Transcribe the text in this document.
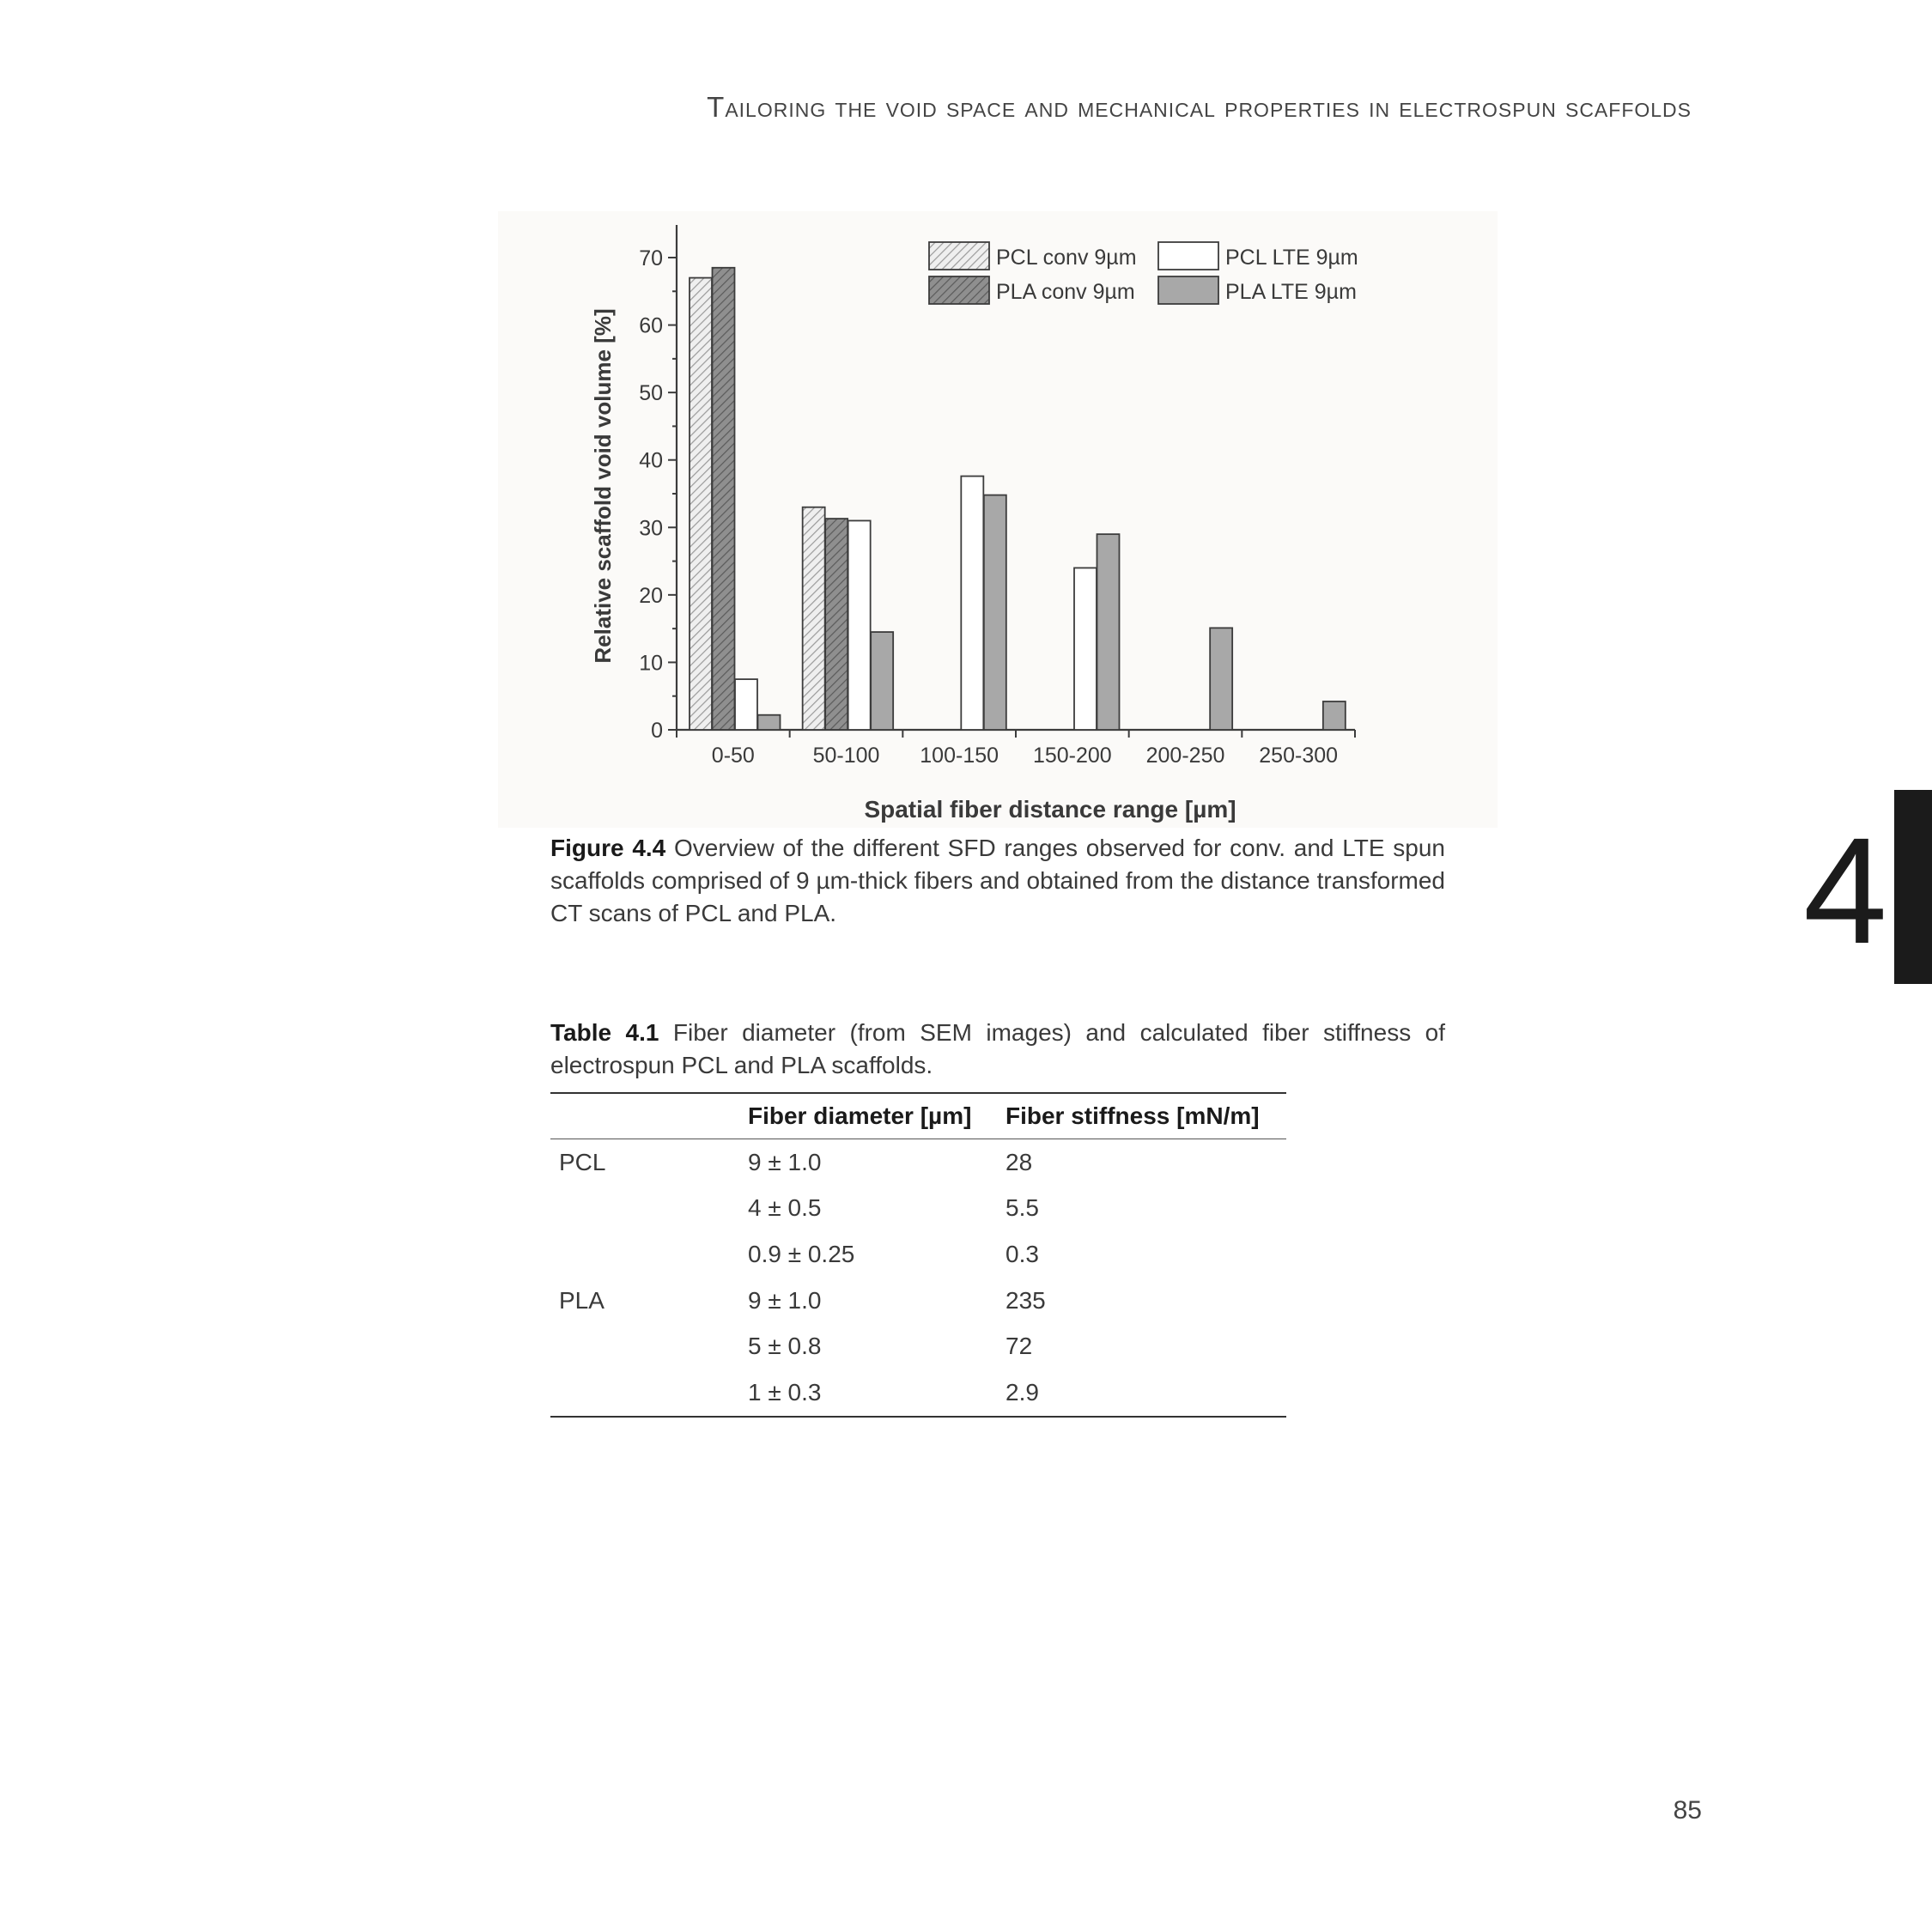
Tailoring the void space and mechanical properties in electrospun scaffolds
4
0
10
20
30
40
50
60
70
0-50	50-100 100-150 150-200 200-250 250-300
Relative scaffold void volume [%]
Spatial fiber distance range [µm]
PCL conv 9µm
PLA conv 9µm
PCL LTE 9µm
PLA LTE 9µm
Figure 4.4 Overview of the different SFD ranges observed for conv. and LTE spun scaffolds comprised of 9 µm-thick fibers and obtained from the distance transformed CT scans of PCL and PLA.
Table 4.1 Fiber diameter (from SEM images) and calculated fiber stiffness of electrospun PCL and PLA scaffolds.
	Fiber diameter [µm]	Fiber stiffness [mN/m]
PCL	9 ± 1.0	28
	4 ± 0.5	5.5
	0.9 ± 0.25	0.3
PLA	9 ± 1.0	235
	5 ± 0.8	72
	1 ± 0.3	2.9
85
